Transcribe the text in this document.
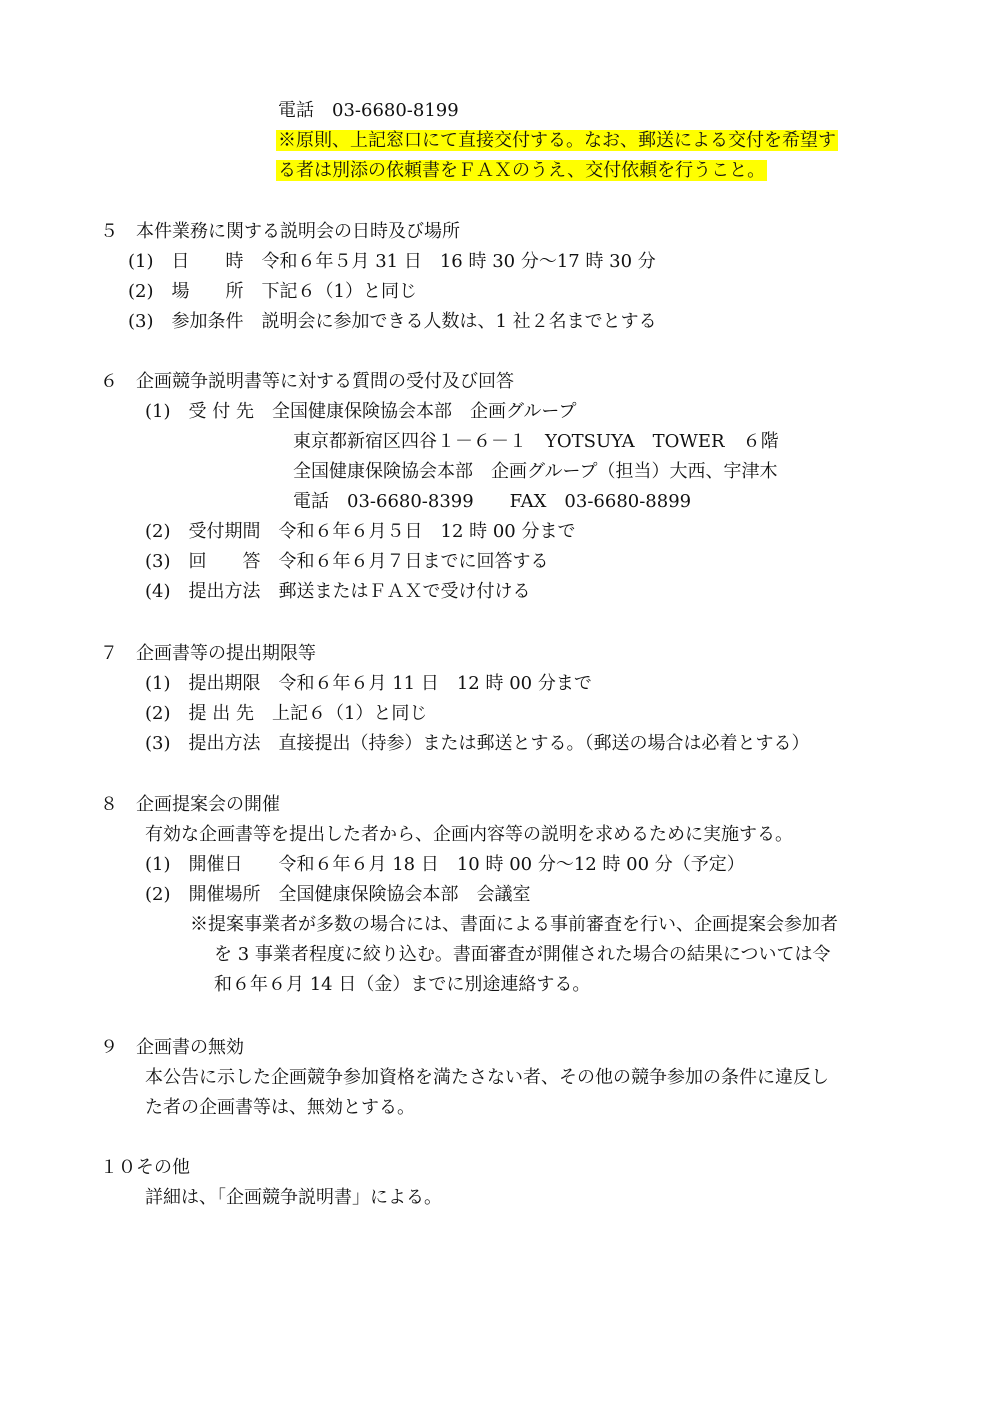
電話　03-6680-8199
※原則、上記窓口にて直接交付する。なお、郵送による交付を希望す
る者は別添の依頼書をＦＡＸのうえ、交付依頼を行うこと。
５　本件業務に関する説明会の日時及び場所
(1)　日　　時　令和６年５月 31 日　16 時 30 分～17 時 30 分
(2)　場　　所　下記６（1）と同じ
(3)　参加条件　説明会に参加できる人数は、1 社２名までとする
６　企画競争説明書等に対する質問の受付及び回答
(1)　受 付 先　全国健康保険協会本部　企画グループ
東京都新宿区四谷１－６－１　YOTSUYA　TOWER　６階
全国健康保険協会本部　企画グループ（担当）大西、宇津木
電話　03-6680-8399　　FAX　03-6680-8899
(2)　受付期間　令和６年６月５日　12 時 00 分まで
(3)　回　　答　令和６年６月７日までに回答する
(4)　提出方法　郵送またはＦＡＸで受け付ける
７　企画書等の提出期限等
(1)　提出期限　令和６年６月 11 日　12 時 00 分まで
(2)　提 出 先　上記６（1）と同じ
(3)　提出方法　直接提出（持参）または郵送とする。（郵送の場合は必着とする）
８　企画提案会の開催
有効な企画書等を提出した者から、企画内容等の説明を求めるために実施する。
(1)　開催日　　令和６年６月 18 日　10 時 00 分～12 時 00 分（予定）
(2)　開催場所　全国健康保険協会本部　会議室
※提案事業者が多数の場合には、書面による事前審査を行い、企画提案会参加者
を 3 事業者程度に絞り込む。書面審査が開催された場合の結果については令
和６年６月 14 日（金）までに別途連絡する。
９　企画書の無効
本公告に示した企画競争参加資格を満たさない者、その他の競争参加の条件に違反し
た者の企画書等は、無効とする。
１０その他
詳細は、「企画競争説明書」による。
